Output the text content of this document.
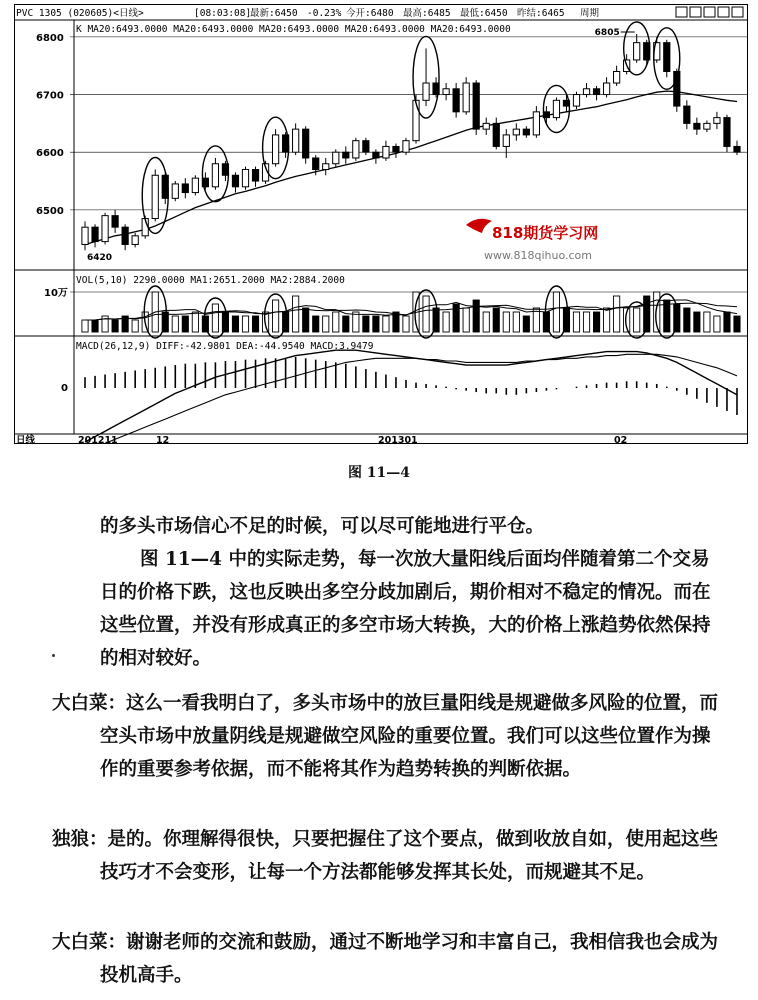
PVC 1305 (020605)<日线>	[08:03:08]
最新:6450 -0.23% 今开:6480 最高:6485 最低:6450 昨结:6465 周期
6800
6700
6600
6500
K MA20:6493.0000 MA20:6493.0000 MA20:6493.0000 MA20:6493.0000 MA20:6493.0000	6805
6420
818期货学习网
www.818qihuo.com
VOL(5,10) 2290.0000 MA1:2651.2000 MA2:2884.2000
10万
MACD(26,12,9) DIFF:-42.9801 DEA:-44.9540 MACD:3.9479
0
日线	201211	12	201301	02
图 11—4
的多头市场信心不足的时候，可以尽可能地进行平仓。
图 11—4 中的实际走势，每一次放大量阳线后面均伴随着第二个交易日的价格下跌，这也反映出多空分歧加剧后，期价相对不稳定的情况。而在这些位置，并没有形成真正的多空市场大转换，大的价格上涨趋势依然保持的相对较好。
大白菜：这么一看我明白了，多头市场中的放巨量阳线是规避做多风险的位置，而空头市场中放量阴线是规避做空风险的重要位置。我们可以这些位置作为操作的重要参考依据，而不能将其作为趋势转换的判断依据。
独狼：是的。你理解得很快，只要把握住了这个要点，做到收放自如，使用起这些技巧才不会变形，让每一个方法都能够发挥其长处，而规避其不足。
大白菜：谢谢老师的交流和鼓励，通过不断地学习和丰富自己，我相信我也会成为投机高手。
